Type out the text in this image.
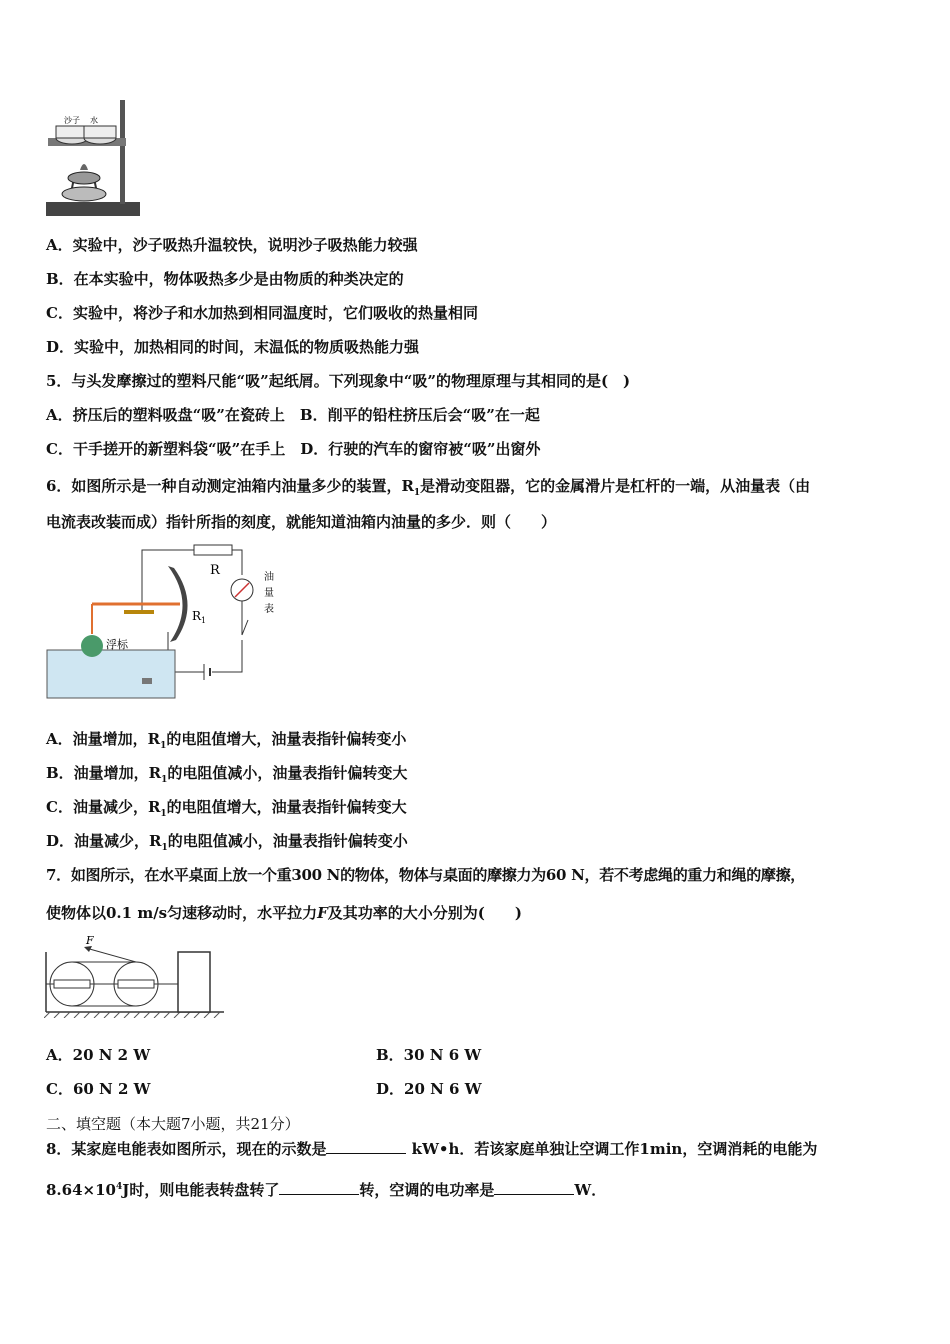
沙子 水
A．实验中，沙子吸热升温较快，说明沙子吸热能力较强
B．在本实验中，物体吸热多少是由物质的种类决定的
C．实验中，将沙子和水加热到相同温度时，它们吸收的热量相同
D．实验中，加热相同的时间，末温低的物质吸热能力强
5．与头发摩擦过的塑料尺能“吸”起纸屑。下列现象中“吸”的物理原理与其相同的是(　)
A．挤压后的塑料吸盘“吸”在瓷砖上　B．削平的铅柱挤压后会“吸”在一起
C．干手搓开的新塑料袋“吸”在手上　D．行驶的汽车的窗帘被“吸”出窗外
6．如图所示是一种自动测定油箱内油量多少的装置，$R_1$是滑动变阻器，它的金属滑片是杠杆的一端，从油量表（由
电流表改装而成）指针所指的刻度，就能知道油箱内油量的多少．则（　　）
R
$R_1$
浮标
油
量
表
A．油量增加，$R_1$的电阻值增大，油量表指针偏转变小
B．油量增加，$R_1$的电阻值减小，油量表指针偏转变大
C．油量减少，$R_1$的电阻值增大，油量表指针偏转变大
D．油量减少，$R_1$的电阻值减小，油量表指针偏转变小
7．如图所示，在水平桌面上放一个重300 N的物体，物体与桌面的摩擦力为60 N，若不考虑绳的重力和绳的摩擦，
使物体以0.1 m/s匀速移动时，水平拉力F及其功率的大小分别为(　　)
F
A．20 N 2 W	B．30 N 6 W
C．60 N 2 W	D．20 N 6 W
二、填空题（本大题7小题，共21分）
8．某家庭电能表如图所示，现在的示数是	kW•h．若该家庭单独让空调工作1min，空调消耗的电能为
$8.64\times 10^4J$时，则电能表转盘转了	转，空调的电功率是	W．
